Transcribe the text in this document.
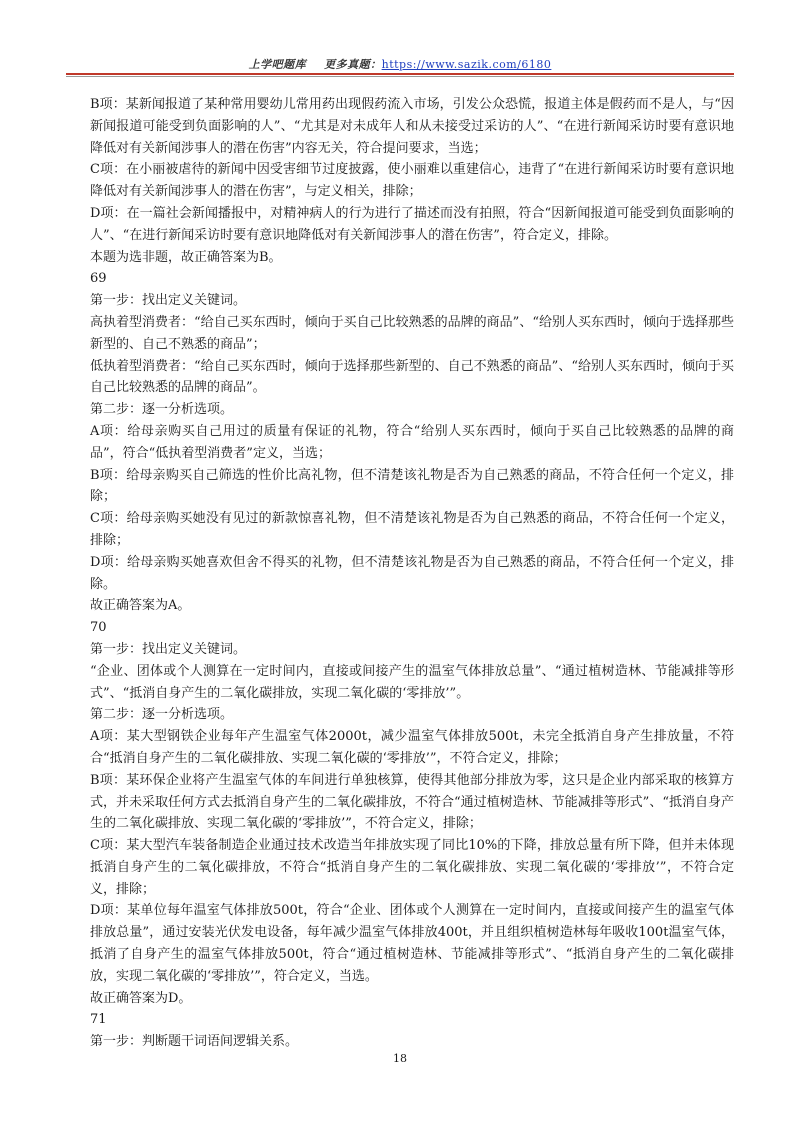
上学吧题库 更多真题：https://www.sazik.com/6180

B项：某新闻报道了某种常用婴幼儿常用药出现假药流入市场，引发公众恐慌，报道主体是假药而不是人，与“因新闻报道可能受到负面影响的人”、“尤其是对未成年人和从未接受过采访的人”、“在进行新闻采访时要有意识地降低对有关新闻涉事人的潜在伤害”内容无关，符合提问要求，当选；

C项：在小丽被虐待的新闻中因受害细节过度披露，使小丽难以重建信心，违背了“在进行新闻采访时要有意识地降低对有关新闻涉事人的潜在伤害”，与定义相关，排除；

D项：在一篇社会新闻播报中，对精神病人的行为进行了描述而没有拍照，符合“因新闻报道可能受到负面影响的人”、“在进行新闻采访时要有意识地降低对有关新闻涉事人的潜在伤害”，符合定义，排除。

本题为选非题，故正确答案为B。

69

第一步：找出定义关键词。

高执着型消费者：“给自己买东西时，倾向于买自己比较熟悉的品牌的商品”、“给别人买东西时，倾向于选择那些新型的、自己不熟悉的商品”；

低执着型消费者：“给自己买东西时，倾向于选择那些新型的、自己不熟悉的商品”、“给别人买东西时，倾向于买自己比较熟悉的品牌的商品”。

第二步：逐一分析选项。

A项：给母亲购买自己用过的质量有保证的礼物，符合“给别人买东西时，倾向于买自己比较熟悉的品牌的商品”，符合“低执着型消费者”定义，当选；

B项：给母亲购买自己筛选的性价比高礼物，但不清楚该礼物是否为自己熟悉的商品，不符合任何一个定义，排除；

C项：给母亲购买她没有见过的新款惊喜礼物，但不清楚该礼物是否为自己熟悉的商品，不符合任何一个定义，排除；

D项：给母亲购买她喜欢但舍不得买的礼物，但不清楚该礼物是否为自己熟悉的商品，不符合任何一个定义，排除。

故正确答案为A。

70

第一步：找出定义关键词。

“企业、团体或个人测算在一定时间内，直接或间接产生的温室气体排放总量”、“通过植树造林、节能减排等形式”、“抵消自身产生的二氧化碳排放，实现二氧化碳的‘零排放’”。

第二步：逐一分析选项。

A项：某大型钢铁企业每年产生温室气体2000t，减少温室气体排放500t，未完全抵消自身产生排放量，不符合“抵消自身产生的二氧化碳排放、实现二氧化碳的‘零排放’”，不符合定义，排除；

B项：某环保企业将产生温室气体的车间进行单独核算，使得其他部分排放为零，这只是企业内部采取的核算方式，并未采取任何方式去抵消自身产生的二氧化碳排放，不符合“通过植树造林、节能减排等形式”、“抵消自身产生的二氧化碳排放、实现二氧化碳的‘零排放’”，不符合定义，排除；

C项：某大型汽车装备制造企业通过技术改造当年排放实现了同比10%的下降，排放总量有所下降，但并未体现抵消自身产生的二氧化碳排放，不符合“抵消自身产生的二氧化碳排放、实现二氧化碳的‘零排放’”，不符合定义，排除；

D项：某单位每年温室气体排放500t，符合“企业、团体或个人测算在一定时间内，直接或间接产生的温室气体排放总量”，通过安装光伏发电设备，每年减少温室气体排放400t，并且组织植树造林每年吸收100t温室气体，抵消了自身产生的温室气体排放500t，符合“通过植树造林、节能减排等形式”、“抵消自身产生的二氧化碳排放，实现二氧化碳的‘零排放’”，符合定义，当选。

故正确答案为D。

71

第一步：判断题干词语间逻辑关系。

18
